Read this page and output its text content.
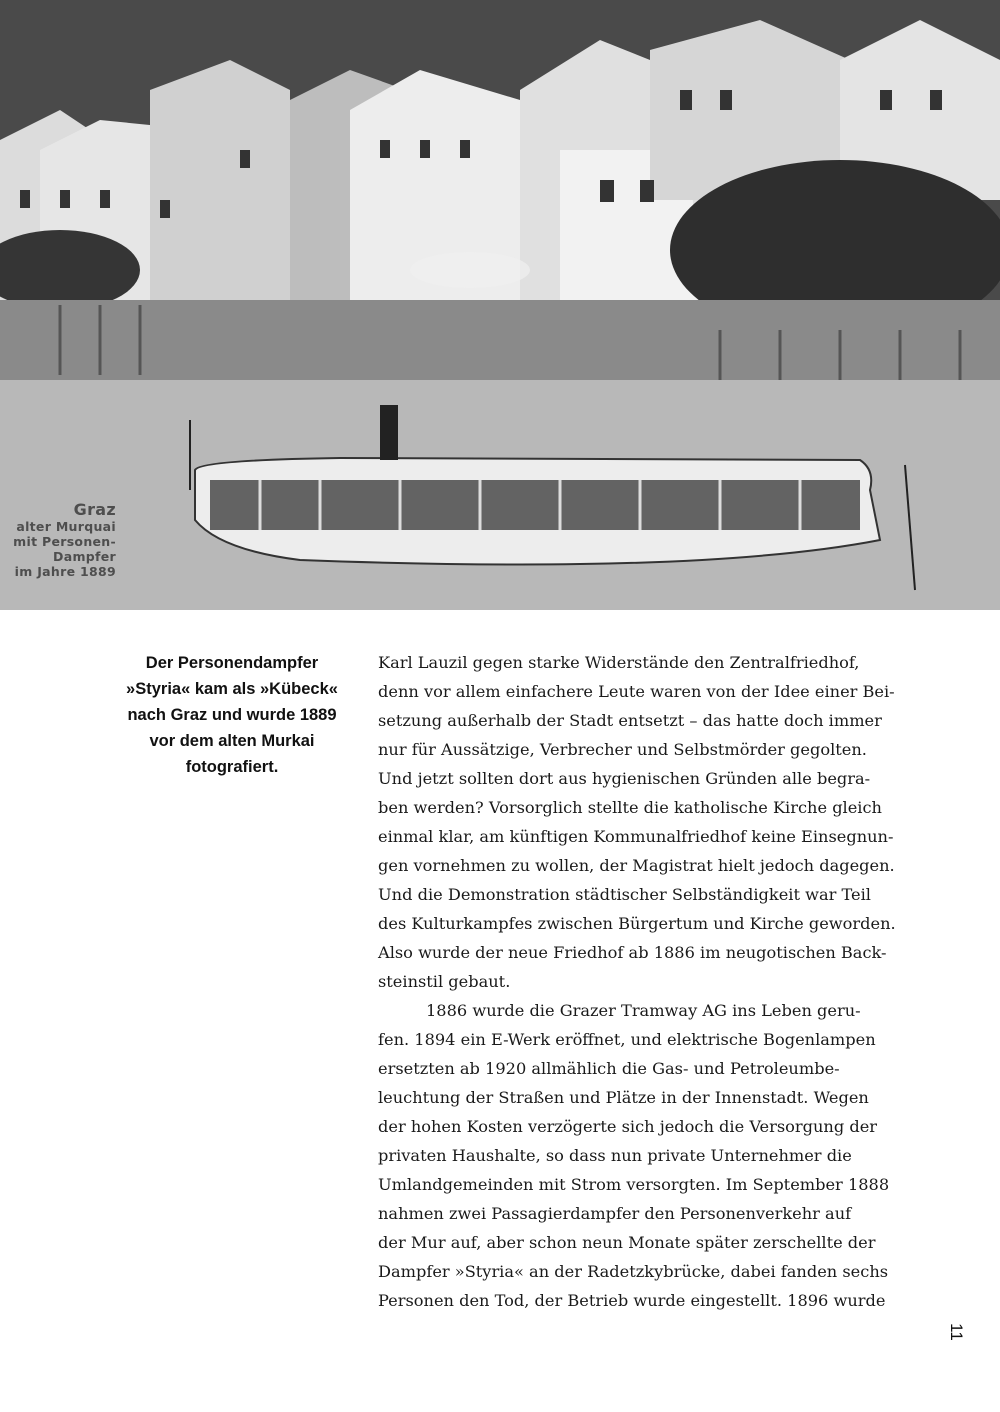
Graz
alter Murquai
mit Personen-
Dampfer
im Jahre 1889
Der Personendampfer
»Styria« kam als »Kübeck«
nach Graz und wurde 1889
vor dem alten Murkai
fotografiert.
Karl Lauzil gegen starke Widerstände den Zentralfriedhof,
denn vor allem einfachere Leute waren von der Idee einer Bei-
setzung außerhalb der Stadt entsetzt – das hatte doch immer
nur für Aussätzige, Verbrecher und Selbstmörder gegolten.
Und jetzt sollten dort aus hygienischen Gründen alle begra-
ben werden? Vorsorglich stellte die katholische Kirche gleich
einmal klar, am künftigen Kommunalfriedhof keine Einsegnun-
gen vornehmen zu wollen, der Magistrat hielt jedoch dagegen.
Und die Demonstration städtischer Selbständigkeit war Teil
des Kulturkampfes zwischen Bürgertum und Kirche geworden.
Also wurde der neue Friedhof ab 1886 im neugotischen Back-
steinstil gebaut.
1886 wurde die Grazer Tramway AG ins Leben geru-
fen. 1894 ein E-Werk eröffnet, und elektrische Bogenlampen
ersetzten ab 1920 allmählich die Gas- und Petroleumbe-
leuchtung der Straßen und Plätze in der Innenstadt. Wegen
der hohen Kosten verzögerte sich jedoch die Versorgung der
privaten Haushalte, so dass nun private Unternehmer die
Umlandgemeinden mit Strom versorgten. Im September 1888
nahmen zwei Passagierdampfer den Personenverkehr auf
der Mur auf, aber schon neun Monate später zerschellte der
Dampfer »Styria« an der Radetzkybrücke, dabei fanden sechs
Personen den Tod, der Betrieb wurde eingestellt. 1896 wurde
11
